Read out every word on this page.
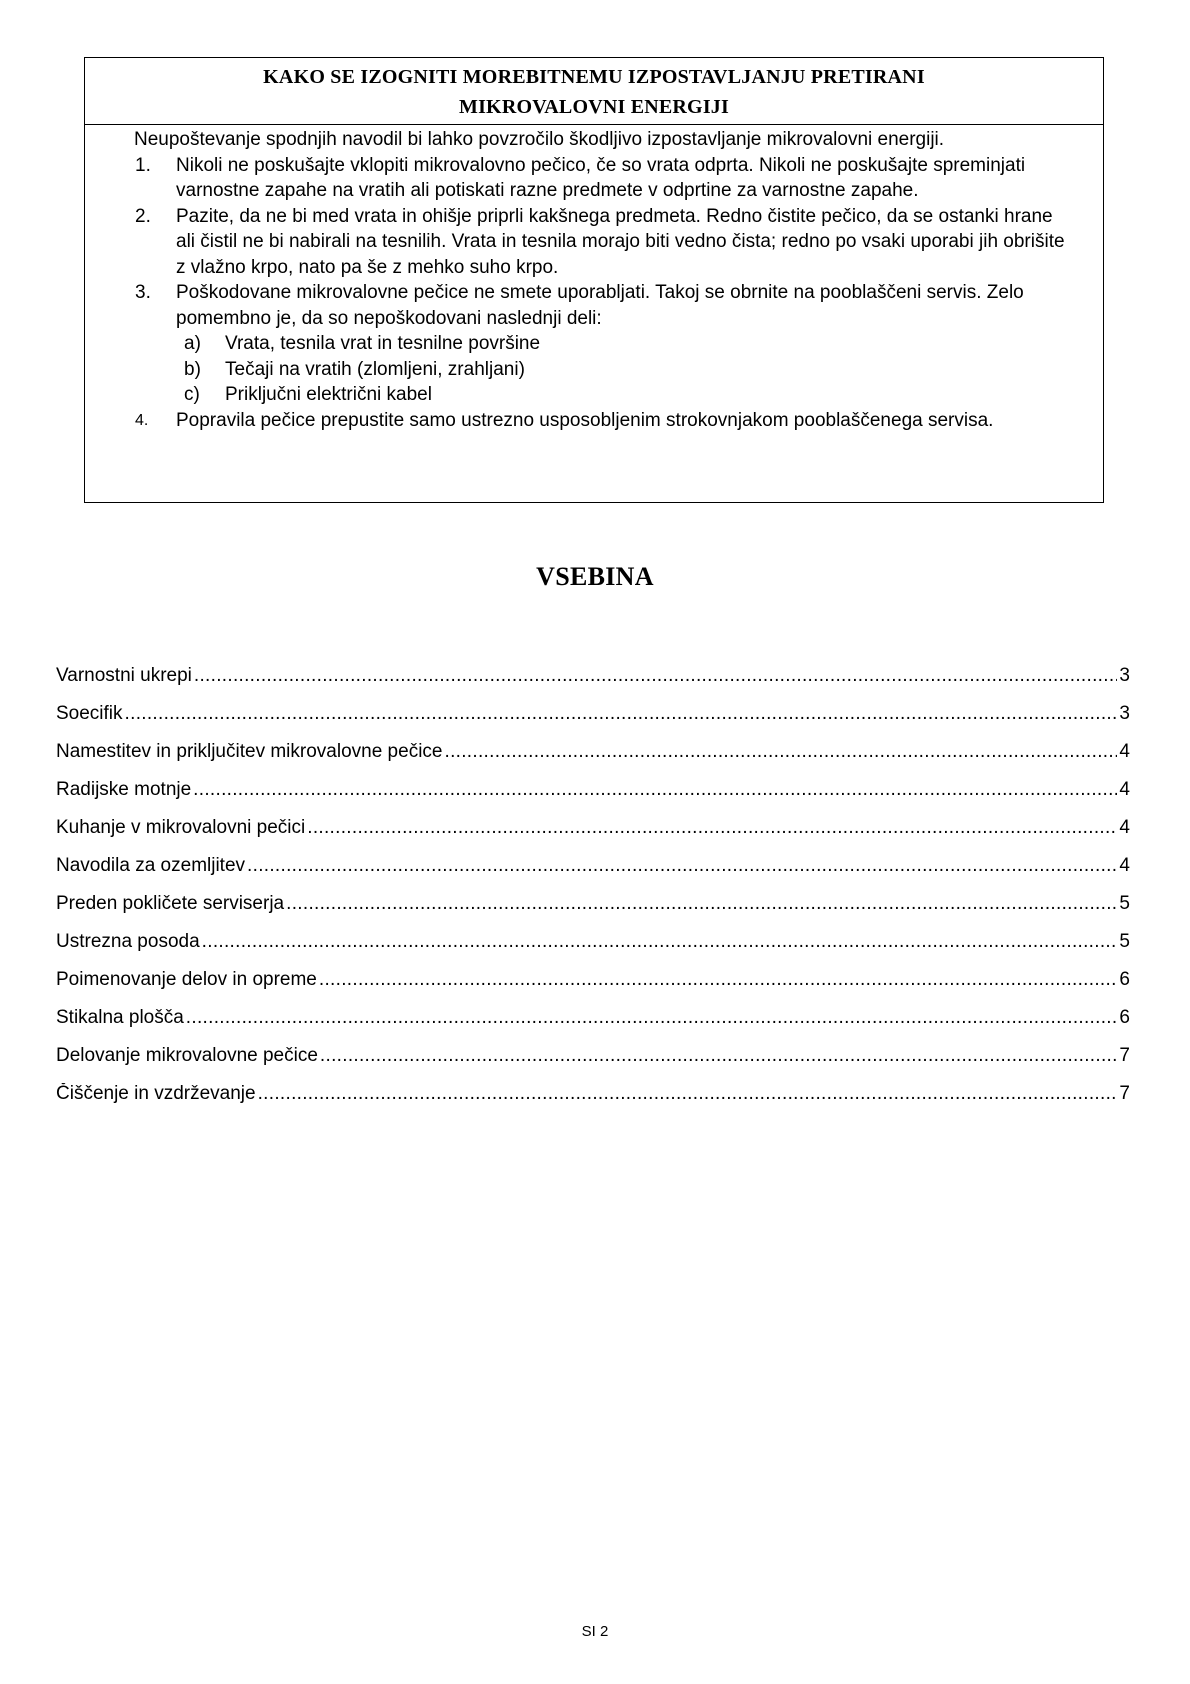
KAKO SE IZOGNITI MOREBITNEMU IZPOSTAVLJANJU PRETIRANI
MIKROVALOVNI ENERGIJI

Neupoštevanje spodnjih navodil bi lahko povzročilo škodljivo izpostavljanje mikrovalovni energiji.

1. Nikoli ne poskušajte vklopiti mikrovalovno pečico, če so vrata odprta. Nikoli ne poskušajte spreminjati varnostne zapahe na vratih ali potiskati razne predmete v odprtine za varnostne zapahe.
2. Pazite, da ne bi med vrata in ohišje priprli kakšnega predmeta. Redno čistite pečico, da se ostanki hrane ali čistil ne bi nabirali na tesnilih. Vrata in tesnila morajo biti vedno čista; redno po vsaki uporabi jih obrišite z vlažno krpo, nato pa še z mehko suho krpo.
3. Poškodovane mikrovalovne pečice ne smete uporabljati. Takoj se obrnite na pooblaščeni servis. Zelo pomembno je, da so nepoškodovani naslednji deli:
a) Vrata, tesnila vrat in tesnilne površine
b) Tečaji na vratih (zlomljeni, zrahljani)
c) Priključni električni kabel
4. Popravila pečice prepustite samo ustrezno usposobljenim strokovnjakom pooblaščenega servisa.
VSEBINA
Varnostni ukrepi .....	3
Soecifik .....	3
Namestitev in priključitev mikrovalovne pečice .....	4
Radijske motnje .....	4
Kuhanje v mikrovalovni pečici .....	4
Navodila za ozemljitev .....	4
Preden pokličete serviserja .....	5
Ustrezna posoda .....	5
Poimenovanje delov in opreme .....	6
Stikalna plošča .....	6
Delovanje mikrovalovne pečice .....	7
Čiščenje in vzdrževanje .....	7
SI 2
